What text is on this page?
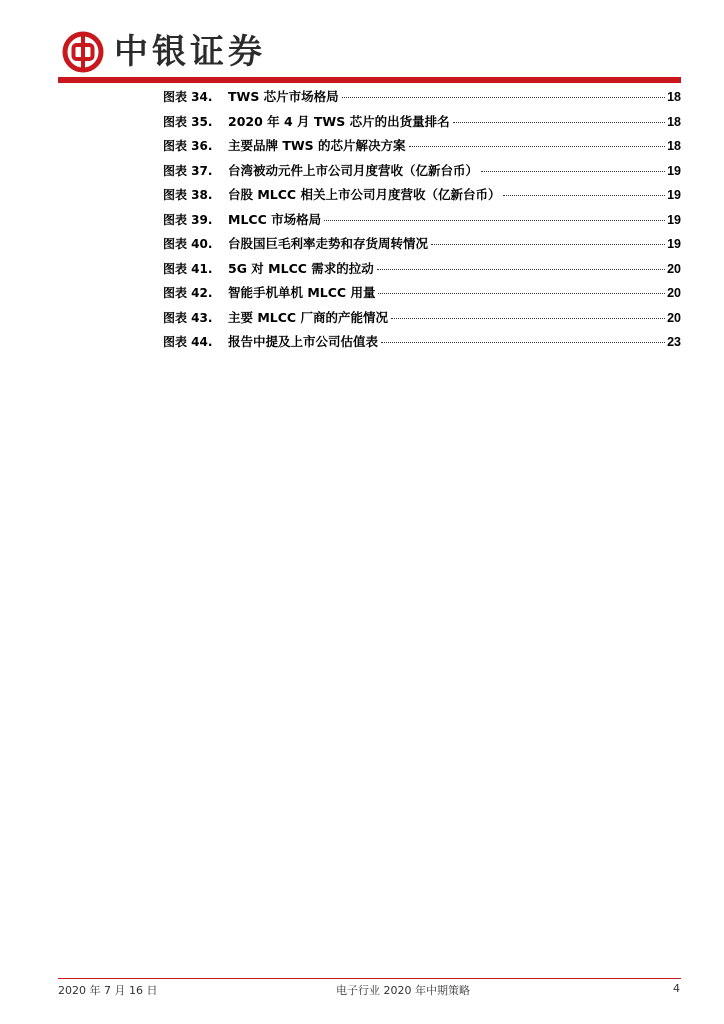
中银证券
图表 34.	TWS 芯片市场格局	18
图表 35.	2020 年 4 月 TWS 芯片的出货量排名	18
图表 36.	主要品牌 TWS 的芯片解决方案	18
图表 37.	台湾被动元件上市公司月度营收（亿新台币）	19
图表 38.	台股 MLCC 相关上市公司月度营收（亿新台币）	19
图表 39.	MLCC 市场格局	19
图表 40.	台股国巨毛利率走势和存货周转情况	19
图表 41.	5G 对 MLCC 需求的拉动	20
图表 42.	智能手机单机 MLCC 用量	20
图表 43.	主要 MLCC 厂商的产能情况	20
图表 44.	报告中提及上市公司估值表	23
2020 年 7 月 16 日	电子行业 2020 年中期策略	4
